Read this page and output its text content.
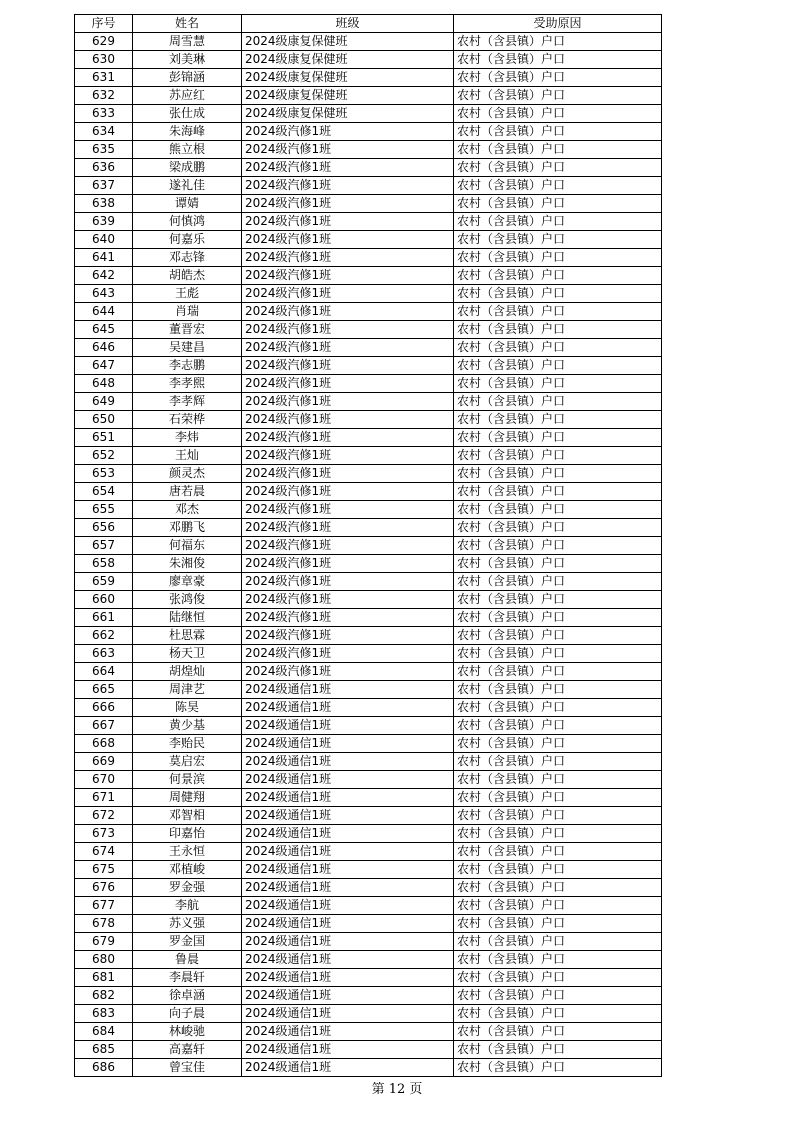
序号	姓名	班级	受助原因
629	周雪慧	2024级康复保健班	农村（含县镇）户口
630	刘美琳	2024级康复保健班	农村（含县镇）户口
631	彭锦涵	2024级康复保健班	农村（含县镇）户口
632	苏应红	2024级康复保健班	农村（含县镇）户口
633	张仕成	2024级康复保健班	农村（含县镇）户口
634	朱海峰	2024级汽修1班	农村（含县镇）户口
635	熊立根	2024级汽修1班	农村（含县镇）户口
636	梁成鹏	2024级汽修1班	农村（含县镇）户口
637	遂礼佳	2024级汽修1班	农村（含县镇）户口
638	谭婧	2024级汽修1班	农村（含县镇）户口
639	何慎鸿	2024级汽修1班	农村（含县镇）户口
640	何嘉乐	2024级汽修1班	农村（含县镇）户口
641	邓志锋	2024级汽修1班	农村（含县镇）户口
642	胡皓杰	2024级汽修1班	农村（含县镇）户口
643	王彪	2024级汽修1班	农村（含县镇）户口
644	肖瑞	2024级汽修1班	农村（含县镇）户口
645	董晋宏	2024级汽修1班	农村（含县镇）户口
646	吴建昌	2024级汽修1班	农村（含县镇）户口
647	李志鹏	2024级汽修1班	农村（含县镇）户口
648	李孝熙	2024级汽修1班	农村（含县镇）户口
649	李孝辉	2024级汽修1班	农村（含县镇）户口
650	石荣桦	2024级汽修1班	农村（含县镇）户口
651	李炜	2024级汽修1班	农村（含县镇）户口
652	王灿	2024级汽修1班	农村（含县镇）户口
653	颜灵杰	2024级汽修1班	农村（含县镇）户口
654	唐若晨	2024级汽修1班	农村（含县镇）户口
655	邓杰	2024级汽修1班	农村（含县镇）户口
656	邓鹏飞	2024级汽修1班	农村（含县镇）户口
657	何福东	2024级汽修1班	农村（含县镇）户口
658	朱湘俊	2024级汽修1班	农村（含县镇）户口
659	廖章豪	2024级汽修1班	农村（含县镇）户口
660	张鸿俊	2024级汽修1班	农村（含县镇）户口
661	陆继恒	2024级汽修1班	农村（含县镇）户口
662	杜思霖	2024级汽修1班	农村（含县镇）户口
663	杨天卫	2024级汽修1班	农村（含县镇）户口
664	胡煌灿	2024级汽修1班	农村（含县镇）户口
665	周津艺	2024级通信1班	农村（含县镇）户口
666	陈昊	2024级通信1班	农村（含县镇）户口
667	黄少基	2024级通信1班	农村（含县镇）户口
668	李贻民	2024级通信1班	农村（含县镇）户口
669	莫启宏	2024级通信1班	农村（含县镇）户口
670	何景滨	2024级通信1班	农村（含县镇）户口
671	周健翔	2024级通信1班	农村（含县镇）户口
672	邓智相	2024级通信1班	农村（含县镇）户口
673	印嘉怡	2024级通信1班	农村（含县镇）户口
674	王永恒	2024级通信1班	农村（含县镇）户口
675	邓植峻	2024级通信1班	农村（含县镇）户口
676	罗金强	2024级通信1班	农村（含县镇）户口
677	李航	2024级通信1班	农村（含县镇）户口
678	苏义强	2024级通信1班	农村（含县镇）户口
679	罗金国	2024级通信1班	农村（含县镇）户口
680	鲁晨	2024级通信1班	农村（含县镇）户口
681	李晨轩	2024级通信1班	农村（含县镇）户口
682	徐卓涵	2024级通信1班	农村（含县镇）户口
683	向子晨	2024级通信1班	农村（含县镇）户口
684	林峻驰	2024级通信1班	农村（含县镇）户口
685	高嘉轩	2024级通信1班	农村（含县镇）户口
686	曾宝佳	2024级通信1班	农村（含县镇）户口
第 12 页
